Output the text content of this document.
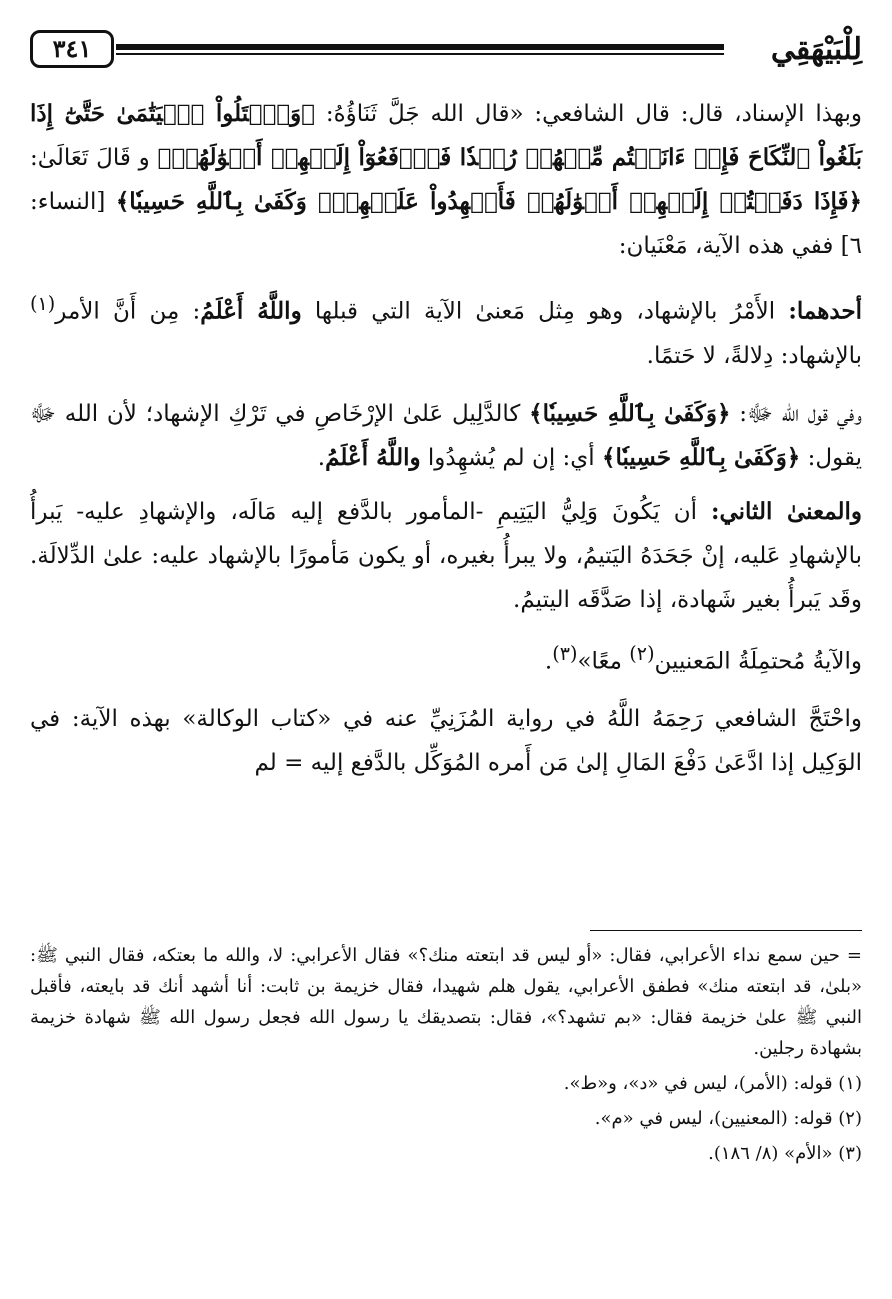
٣٤١	لِلْبَيْهَقِي

وبهذا الإسناد، قال: قال الشافعي: «قال الله جَلَّ ثَنَاؤُهُ: ﴿وَٱبۡتَلُواْ ٱلۡيَتَٰمَىٰ حَتَّىٰٓ إِذَا بَلَغُواْ ٱلنِّكَاحَ فَإِنۡ ءَانَسۡتُم مِّنۡهُمۡ رُشۡدٗا فَٱدۡفَعُوٓاْ إِلَيۡهِمۡ أَمۡوَٰلَهُمۡ﴾ و قَالَ تَعَالَىٰ: ﴿فَإِذَا دَفَعۡتُمۡ إِلَيۡهِمۡ أَمۡوَٰلَهُمۡ فَأَشۡهِدُواْ عَلَيۡهِمۡۚ وَكَفَىٰ بِٱللَّهِ حَسِيبٗا﴾ [النساء: ٦] ففي هذه الآية، مَعْنَيان:

أحدهما: الأَمْرُ بالإشهاد، وهو مِثل مَعنىٰ الآية التي قبلها واللَّهُ أَعْلَمُ: مِن أَنَّ الأمر$^{(١)}$ بالإشهاد: دِلالةً، لا حَتمًا.

وفي قول الله ﷻ: ﴿وَكَفَىٰ بِٱللَّهِ حَسِيبٗا﴾ كالدَّلِيل عَلىٰ الإرْخَاصِ في تَرْكِ الإشهاد؛ لأن الله ﷻ يقول: ﴿وَكَفَىٰ بِٱللَّهِ حَسِيبٗا﴾ أي: إن لم يُشهِدُوا واللَّهُ أَعْلَمُ.

والمعنىٰ الثاني: أن يَكُونَ وَلِيُّ اليَتِيمِ -المأمور بالدَّفع إليه مَالَه، والإشهادِ عليه- يَبرأُ بالإشهادِ عَليه، إنْ جَحَدَهُ اليَتيمُ، ولا يبرأُ بغيره، أو يكون مَأمورًا بالإشهاد عليه: علىٰ الدِّلالَة. وقَد يَبرأُ بغير شَهادة، إذا صَدَّقَه اليتيمُ.

والآيةُ مُحتمِلَةُ المَعنيين$^{(٢)}$ معًا»$^{(٣)}$.

واحْتَجَّ الشافعي رَحِمَهُ اللَّهُ في رواية المُزَنِيِّ عنه في «كتاب الوكالة» بهذه الآية: في الوَكِيل إذا ادَّعَىٰ دَفْعَ المَالِ إلىٰ مَن أَمره المُوَكِّل بالدَّفع إليه = لم

= حين سمع نداء الأعرابي، فقال: «أو ليس قد ابتعته منك؟» فقال الأعرابي: لا، والله ما بعتكه، فقال النبي ﷺ: «بلىٰ، قد ابتعته منك» فطفق الأعرابي، يقول هلم شهيدا، فقال خزيمة بن ثابت: أنا أشهد أنك قد بايعته، فأقبل النبي ﷺ علىٰ خزيمة فقال: «بم تشهد؟»، فقال: بتصديقك يا رسول الله فجعل رسول الله ﷺ شهادة خزيمة بشهادة رجلين.

(١) قوله: (الأمر)، ليس في «د»، و«ط».

(٢) قوله: (المعنيين)، ليس في «م».

(٣) «الأم» (٨/ ١٨٦).
